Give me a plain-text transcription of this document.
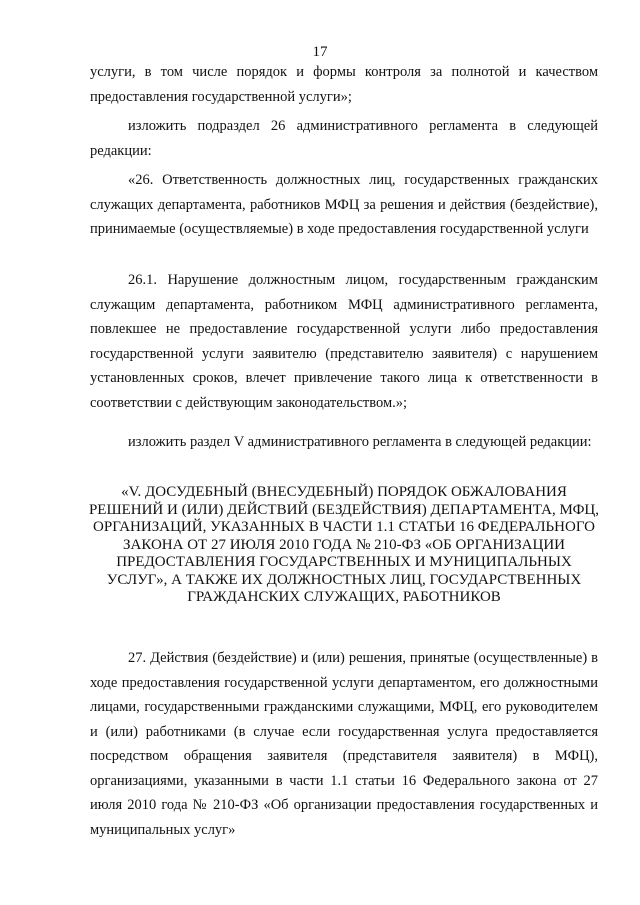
17

услуги, в том числе порядок и формы контроля за полнотой и качеством предоставления государственной услуги»;

изложить подраздел 26 административного регламента в следующей редакции:

«26. Ответственность должностных лиц, государственных гражданских служащих департамента, работников МФЦ за решения и действия (бездействие), принимаемые (осуществляемые) в ходе предоставления государственной услуги

26.1. Нарушение должностным лицом, государственным гражданским служащим департамента, работником МФЦ административного регламента, повлекшее не предоставление государственной услуги либо предоставления государственной услуги заявителю (представителю заявителя) с нарушением установленных сроков, влечет привлечение такого лица к ответственности в соответствии с действующим законодательством.»;

изложить раздел V административного регламента в следующей редакции:

«V. ДОСУДЕБНЫЙ (ВНЕСУДЕБНЫЙ) ПОРЯДОК ОБЖАЛОВАНИЯ РЕШЕНИЙ И (ИЛИ) ДЕЙСТВИЙ (БЕЗДЕЙСТВИЯ) ДЕПАРТАМЕНТА, МФЦ, ОРГАНИЗАЦИЙ, УКАЗАННЫХ В ЧАСТИ 1.1 СТАТЬИ 16 ФЕДЕРАЛЬНОГО ЗАКОНА ОТ 27 ИЮЛЯ 2010 ГОДА № 210-ФЗ «ОБ ОРГАНИЗАЦИИ ПРЕДОСТАВЛЕНИЯ ГОСУДАРСТВЕННЫХ И МУНИЦИПАЛЬНЫХ УСЛУГ», А ТАКЖЕ ИХ ДОЛЖНОСТНЫХ ЛИЦ, ГОСУДАРСТВЕННЫХ ГРАЖДАНСКИХ СЛУЖАЩИХ, РАБОТНИКОВ

27. Действия (бездействие) и (или) решения, принятые (осуществленные) в ходе предоставления государственной услуги департаментом, его должностными лицами, государственными гражданскими служащими, МФЦ, его руководителем и (или) работниками (в случае если государственная услуга предоставляется посредством обращения заявителя (представителя заявителя) в МФЦ), организациями, указанными в части 1.1 статьи 16 Федерального закона от 27 июля 2010 года № 210-ФЗ «Об организации предоставления государственных и муниципальных услуг»
